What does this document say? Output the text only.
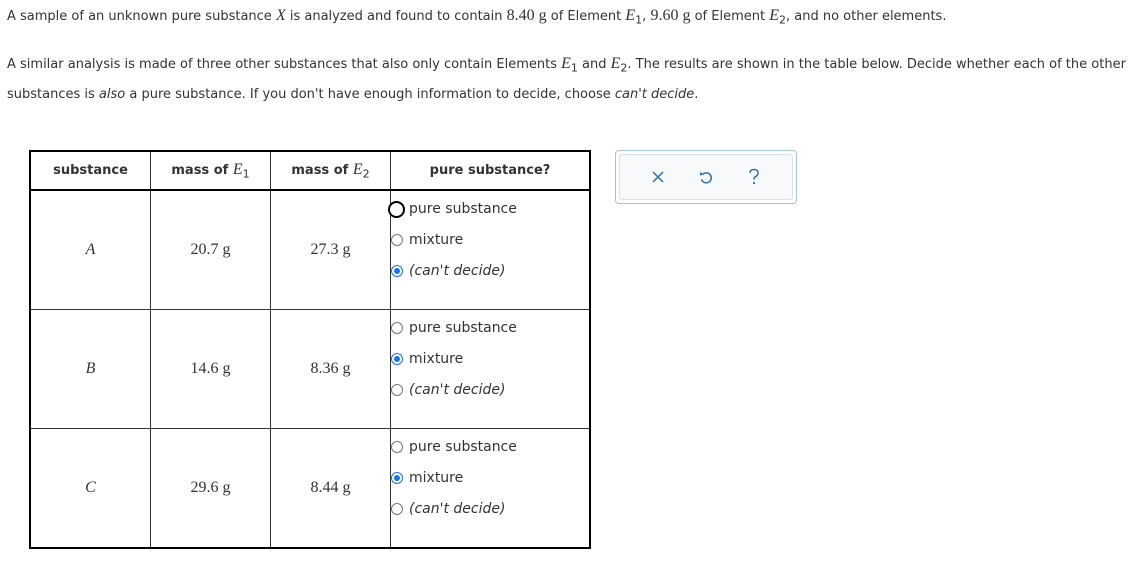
A sample of an unknown pure substance X is analyzed and found to contain 8.40 g of Element $E_1$, 9.60 g of Element $E_2$, and no other elements.
A similar analysis is made of three other substances that also only contain Elements $E_1$ and $E_2$. The results are shown in the table below. Decide whether each of the other substances is also a pure substance. If you don't have enough information to decide, choose can't decide.
substance	mass of $E_1$	mass of $E_2$	pure substance?
A	20.7 g	27.3 g	pure substance
mixture
(can't decide)

B	14.6 g	8.36 g	pure substance
mixture
(can't decide)

C	29.6 g	8.44 g	pure substance
mixture
(can't decide)
